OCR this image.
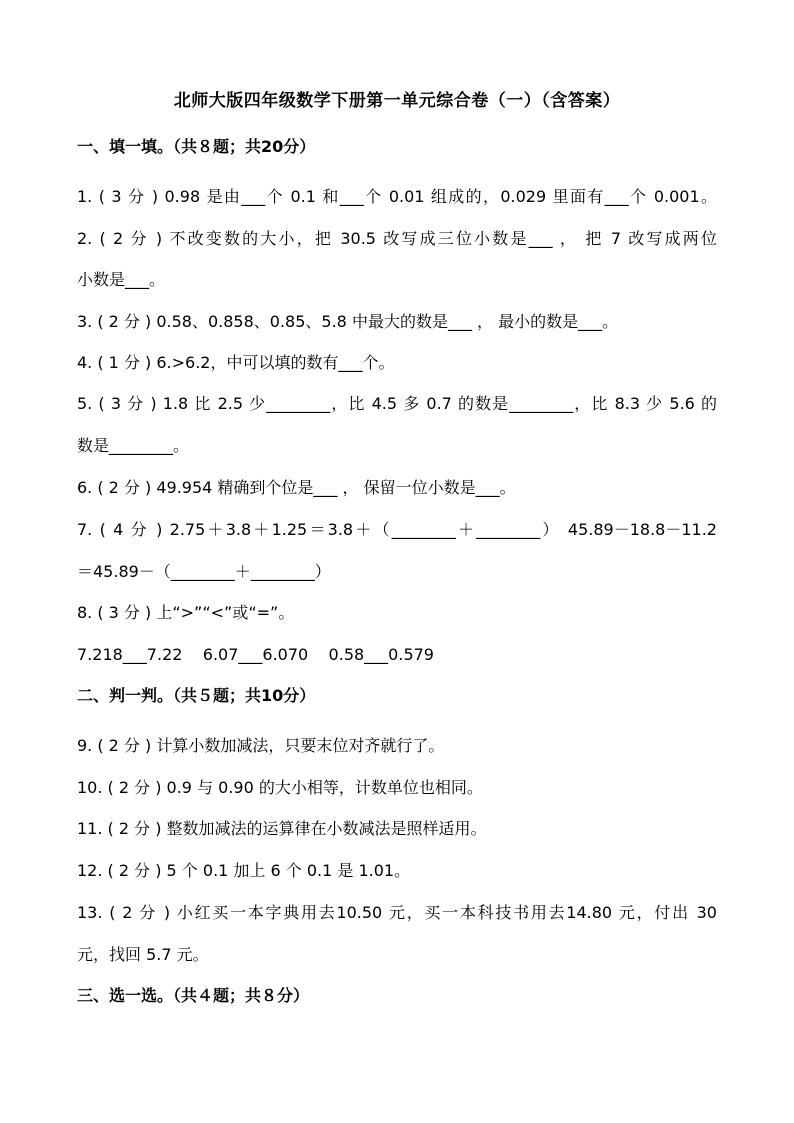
北师大版四年级数学下册第一单元综合卷（一）（含答案）
一、填一填。（共８题；共20分）
1. ( 3 分 ) 0.98 是由___个 0.1 和___个 0.01 组成的，0.029 里面有___个 0.001。
2. ( 2 分 ) 不改变数的大小，把 30.5 改写成三位小数是___ ， 把 7 改写成两位
小数是___。
3. ( 2 分 ) 0.58、0.858、0.85、5.8 中最大的数是___ ， 最小的数是___。
4. ( 1 分 ) 6.>6.2，中可以填的数有___个。
5. ( 3 分 ) 1.8 比 2.5 少________，比 4.5 多 0.7 的数是________，比 8.3 少 5.6 的
数是________。
6. ( 2 分 ) 49.954 精确到个位是___ ， 保留一位小数是___。
7. ( 4 分 ) 2.75＋3.8＋1.25＝3.8＋（________＋________） 45.89－18.8－11.2
＝45.89－（________＋________）
8. ( 3 分 ) 上“>”“<”或“=”。
7.218___7.22    6.07___6.070    0.58___0.579
二、判一判。（共５题；共10分）
9. ( 2 分 ) 计算小数加减法，只要末位对齐就行了。
10. ( 2 分 ) 0.9 与 0.90 的大小相等，计数单位也相同。
11. ( 2 分 ) 整数加减法的运算律在小数减法是照样适用。
12. ( 2 分 ) 5 个 0.1 加上 6 个 0.1 是 1.01。
13. ( 2 分 ) 小红买一本字典用去10.50 元，买一本科技书用去14.80 元，付出 30
元，找回 5.7 元。
三、选一选。（共４题；共８分）
